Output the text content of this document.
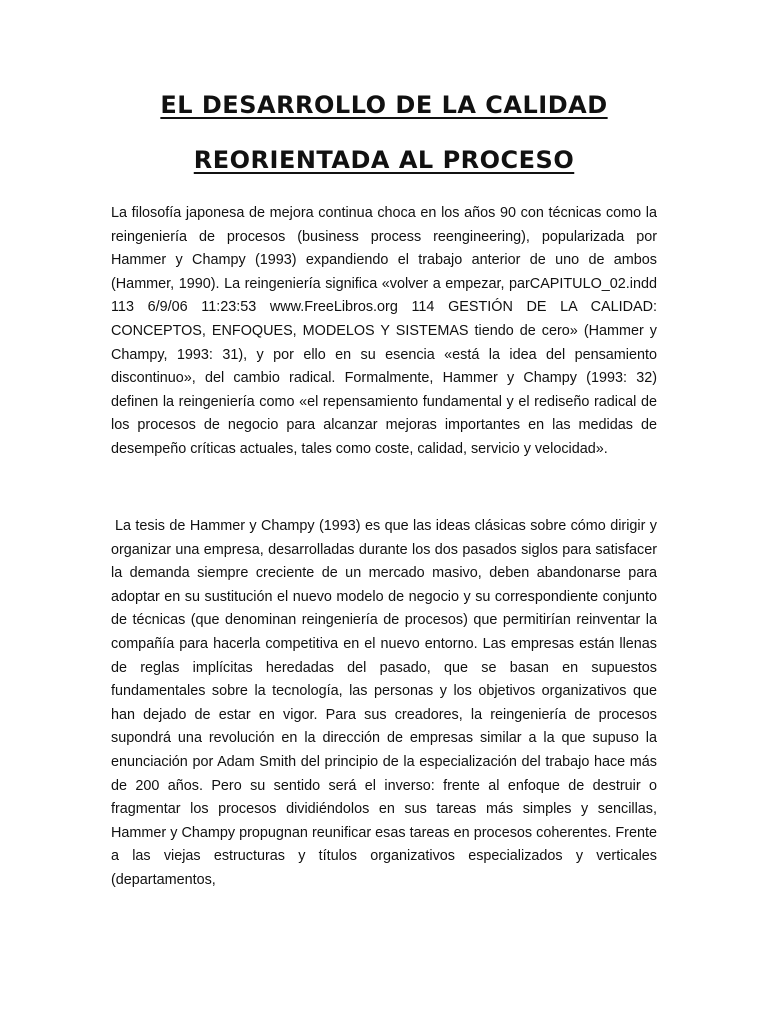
EL DESARROLLO DE LA CALIDAD
REORIENTADA AL PROCESO

La filosofía japonesa de mejora continua choca en los años 90 con técnicas como la reingeniería de procesos (business process reengineering), popularizada por Hammer y Champy (1993) expandiendo el trabajo anterior de uno de ambos (Hammer, 1990). La reingeniería significa «volver a empezar, parCAPITULO_02.indd 113 6/9/06 11:23:53 www.FreeLibros.org 114 GESTIÓN DE LA CALIDAD: CONCEPTOS, ENFOQUES, MODELOS Y SISTEMAS tiendo de cero» (Hammer y Champy, 1993: 31), y por ello en su esencia «está la idea del pensamiento discontinuo», del cambio radical. Formalmente, Hammer y Champy (1993: 32) definen la reingeniería como «el repensamiento fundamental y el rediseño radical de los procesos de negocio para alcanzar mejoras importantes en las medidas de desempeño críticas actuales, tales como coste, calidad, servicio y velocidad».

La tesis de Hammer y Champy (1993) es que las ideas clásicas sobre cómo dirigir y organizar una empresa, desarrolladas durante los dos pasados siglos para satisfacer la demanda siempre creciente de un mercado masivo, deben abandonarse para adoptar en su sustitución el nuevo modelo de negocio y su correspondiente conjunto de técnicas (que denominan reingeniería de procesos) que permitirían reinventar la compañía para hacerla competitiva en el nuevo entorno. Las empresas están llenas de reglas implícitas heredadas del pasado, que se basan en supuestos fundamentales sobre la tecnología, las personas y los objetivos organizativos que han dejado de estar en vigor. Para sus creadores, la reingeniería de procesos supondrá una revolución en la dirección de empresas similar a la que supuso la enunciación por Adam Smith del principio de la especialización del trabajo hace más de 200 años. Pero su sentido será el inverso: frente al enfoque de destruir o fragmentar los procesos dividiéndolos en sus tareas más simples y sencillas, Hammer y Champy propugnan reunificar esas tareas en procesos coherentes. Frente a las viejas estructuras y títulos organizativos especializados y verticales (departamentos,
